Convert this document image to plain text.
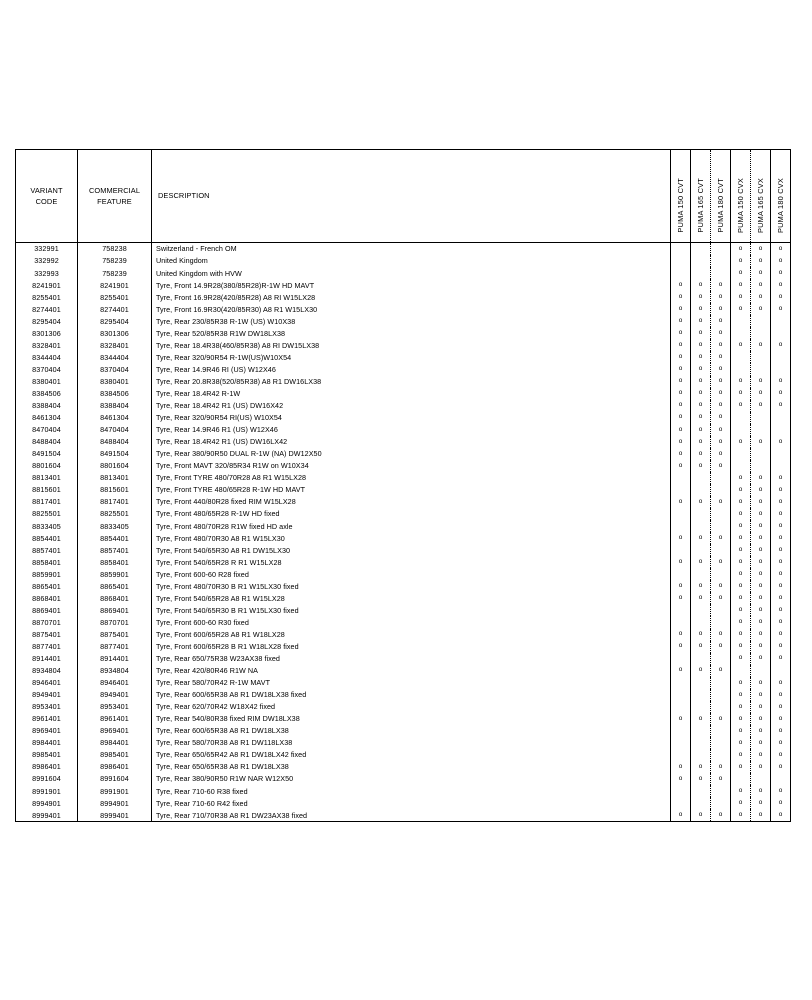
VARIANT
CODE

COMMERCIAL
FEATURE

DESCRIPTION	PUMA 150 CVT	PUMA 165 CVT	PUMA 180 CVT	PUMA 150 CVX	PUMA 165 CVX	PUMA 180 CVX
332991	758238	Switzerland - French OM				o	o	o
332992	758239	United Kingdom				o	o	o
332993	758239	United Kingdom with HVW				o	o	o
8241901	8241901	Tyre, Front 14.9R28(380/85R28)R-1W HD MAVT	o	o	o	o	o	o
8255401	8255401	Tyre, Front 16.9R28(420/85R28) A8 RI W15LX28	o	o	o	o	o	o
8274401	8274401	Tyre, Front 16.9R30(420/85R30) A8 R1 W15LX30	o	o	o	o	o	o
8295404	8295404	Tyre, Rear 230/85R38 R-1W (US) W10X38	o	o	o			
8301306	8301306	Tyre, Rear 520/85R38 R1W DW18LX38	o	o	o			
8328401	8328401	Tyre, Rear 18.4R38(460/85R38) A8 RI DW15LX38	o	o	o	o	o	o
8344404	8344404	Tyre, Rear 320/90R54 R-1W(US)W10X54	o	o	o			
8370404	8370404	Tyre, Rear 14.9R46 RI (US) W12X46	o	o	o			
8380401	8380401	Tyre, Rear 20.8R38(520/85R38) A8 R1 DW16LX38	o	o	o	o	o	o
8384506	8384506	Tyre, Rear 18.4R42 R-1W	o	o	o	o	o	o
8388404	8388404	Tyre, Rear 18.4R42 R1 (US) DW16X42	o	o	o	o	o	o
8461304	8461304	Tyre, Rear 320/90R54 RI(US) W10X54	o	o	o			
8470404	8470404	Tyre, Rear 14.9R46 R1 (US) W12X46	o	o	o			
8488404	8488404	Tyre, Rear 18.4R42 R1 (US) DW16LX42	o	o	o	o	o	o
8491504	8491504	Tyre, Rear 380/90R50 DUAL R-1W (NA) DW12X50	o	o	o			
8801604	8801604	Tyre, Front MAVT 320/85R34 R1W on W10X34	o	o	o			
8813401	8813401	Tyre, Front TYRE 480/70R28 A8 R1 W15LX28				o	o	o
8815601	8815601	Tyre, Front TYRE 480/65R28 R-1W HD MAVT				o	o	o
8817401	8817401	Tyre, Front 440/80R28 fixed RIM W15LX28	o	o	o	o	o	o
8825501	8825501	Tyre, Front 480/65R28 R-1W HD fixed				o	o	o
8833405	8833405	Tyre, Front 480/70R28 R1W fixed HD axle				o	o	o
8854401	8854401	Tyre, Front 480/70R30 A8 R1 W15LX30	o	o	o	o	o	o
8857401	8857401	Tyre, Front 540/65R30 A8 R1 DW15LX30				o	o	o
8858401	8858401	Tyre, Front 540/65R28 R R1 W15LX28	o	o	o	o	o	o
8859901	8859901	Tyre, Front 600-60 R28 fixed				o	o	o
8865401	8865401	Tyre, Front 480/70R30 B R1 W15LX30 fixed	o	o	o	o	o	o
8868401	8868401	Tyre, Front 540/65R28 A8 R1 W15LX28	o	o	o	o	o	o
8869401	8869401	Tyre, Front 540/65R30 B R1 W15LX30 fixed				o	o	o
8870701	8870701	Tyre, Front 600-60 R30 fixed				o	o	o
8875401	8875401	Tyre, Front 600/65R28 A8 R1 W18LX28	o	o	o	o	o	o
8877401	8877401	Tyre, Front 600/65R28 B R1 W18LX28 fixed	o	o	o	o	o	o
8914401	8914401	Tyre, Rear 650/75R38 W23AX38 fixed				o	o	o
8934804	8934804	Tyre, Rear 420/80R46 R1W NA	o	o	o			
8946401	8946401	Tyre, Rear 580/70R42 R-1W MAVT				o	o	o
8949401	8949401	Tyre, Rear 600/65R38 A8 R1 DW18LX38 fixed				o	o	o
8953401	8953401	Tyre, Rear 620/70R42 W18X42 fixed				o	o	o
8961401	8961401	Tyre, Rear 540/80R38 fixed RIM DW18LX38	o	o	o	o	o	o
8969401	8969401	Tyre, Rear 600/65R38 A8 R1 DW18LX38				o	o	o
8984401	8984401	Tyre, Rear 580/70R38 A8 R1 DW118LX38				o	o	o
8985401	8985401	Tyre, Rear 650/65R42 A8 R1 DW18LX42 fixed				o	o	o
8986401	8986401	Tyre, Rear 650/65R38 A8 R1 DW18LX38	o	o	o	o	o	o
8991604	8991604	Tyre, Rear 380/90R50 R1W NAR W12X50	o	o	o			
8991901	8991901	Tyre, Rear 710-60 R38 fixed				o	o	o
8994901	8994901	Tyre, Rear 710-60 R42 fixed				o	o	o
8999401	8999401	Tyre, Rear 710/70R38 A8 R1 DW23AX38 fixed	o	o	o	o	o	o
